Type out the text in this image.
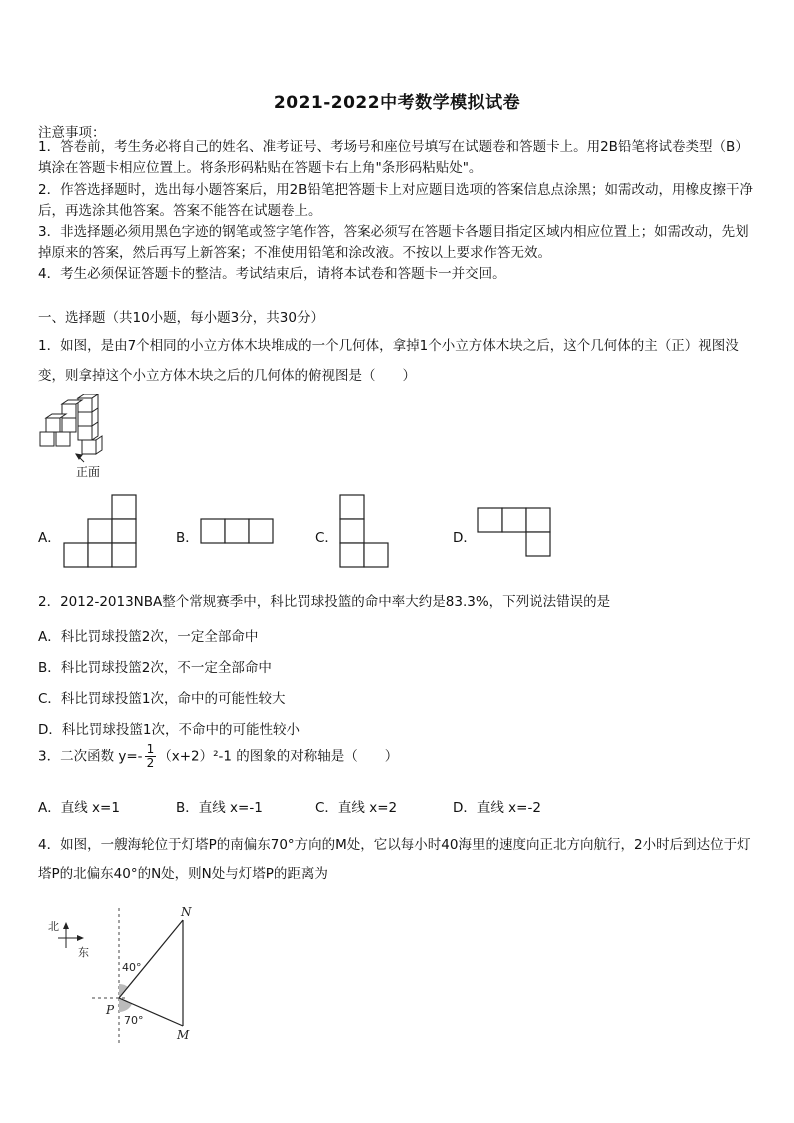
2021-2022中考数学模拟试卷
注意事项：
1．答卷前，考生务必将自己的姓名、准考证号、考场号和座位号填写在试题卷和答题卡上。用2B铅笔将试卷类型（B）填涂在答题卡相应位置上。将条形码粘贴在答题卡右上角"条形码粘贴处"。
2．作答选择题时，选出每小题答案后，用2B铅笔把答题卡上对应题目选项的答案信息点涂黑；如需改动，用橡皮擦干净后，再选涂其他答案。答案不能答在试题卷上。
3．非选择题必须用黑色字迹的钢笔或签字笔作答，答案必须写在答题卡各题目指定区域内相应位置上；如需改动，先划掉原来的答案，然后再写上新答案；不准使用铅笔和涂改液。不按以上要求作答无效。
4．考生必须保证答题卡的整洁。考试结束后，请将本试卷和答题卡一并交回。
一、选择题（共10小题，每小题3分，共30分）
1．如图，是由7个相同的小立方体木块堆成的一个几何体，拿掉1个小立方体木块之后，这个几何体的主（正）视图没变，则拿掉这个小立方体木块之后的几何体的俯视图是（　　）
正面
A．	B．	C．	D．
2．2012-2013NBA整个常规赛季中，科比罚球投篮的命中率大约是83.3%，下列说法错误的是
A．科比罚球投篮2次，一定全部命中
B．科比罚球投篮2次，不一定全部命中
C．科比罚球投篮1次，命中的可能性较大
D．科比罚球投篮1次，不命中的可能性较小
3．二次函数 $y=- \frac{1}{2} (x+2)^2-1$ 的图象的对称轴是（　　）
A．直线 x=1	B．直线 x=-1	C．直线 x=2	D．直线 x=-2
4．如图，一艘海轮位于灯塔P的南偏东70°方向的M处，它以每小时40海里的速度向正北方向航行，2小时后到达位于灯塔P的北偏东40°的N处，则N处与灯塔P的距离为
北
东
N
P
M
40°
70°
